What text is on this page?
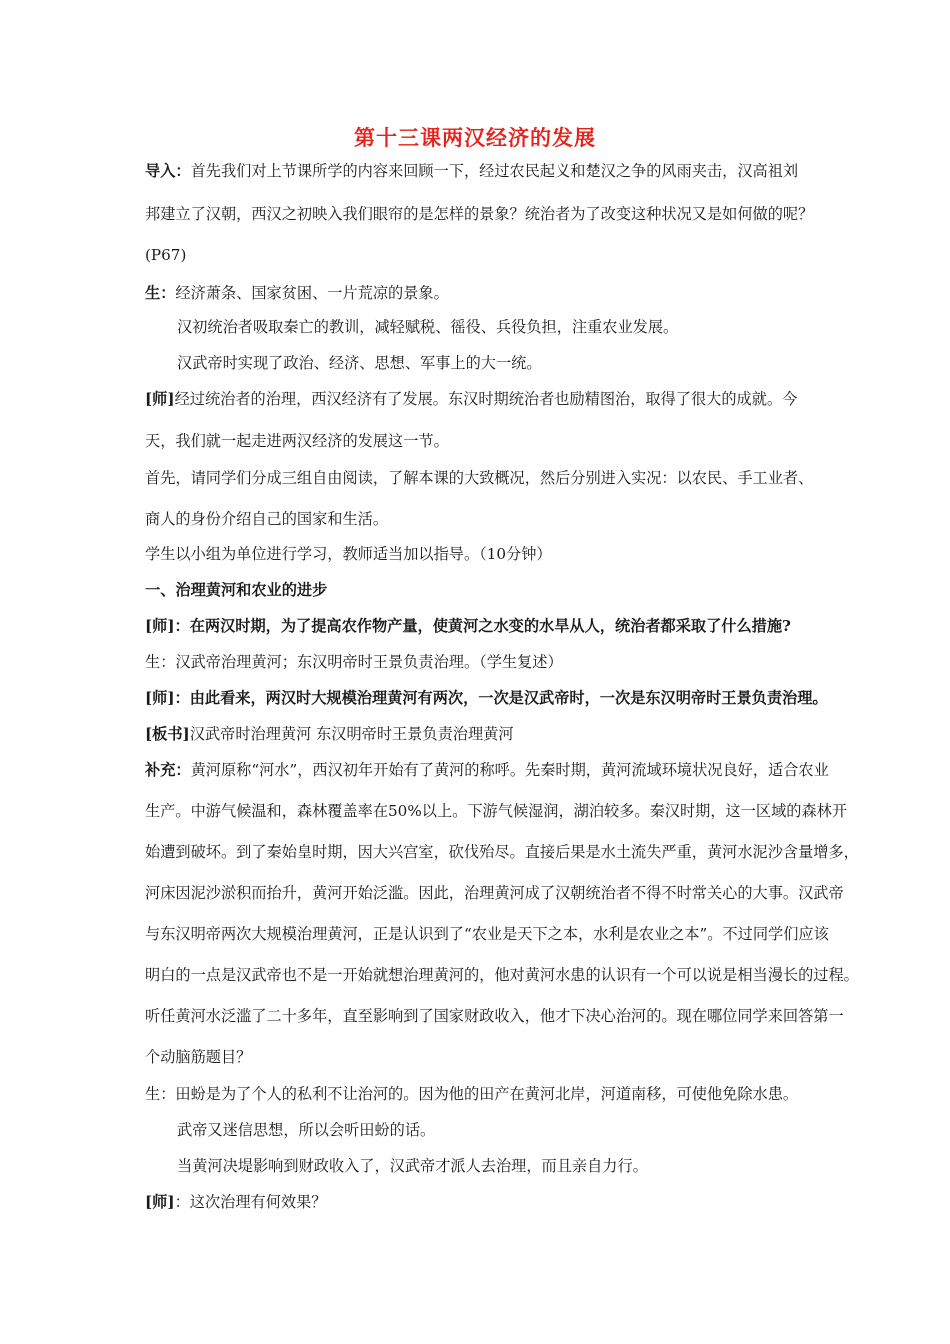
第十三课两汉经济的发展
导入：首先我们对上节课所学的内容来回顾一下，经过农民起义和楚汉之争的风雨夹击，汉高祖刘
邦建立了汉朝，西汉之初映入我们眼帘的是怎样的景象？统治者为了改变这种状况又是如何做的呢？
(P67)
生：经济萧条、国家贫困、一片荒凉的景象。
汉初统治者吸取秦亡的教训，减轻赋税、徭役、兵役负担，注重农业发展。
汉武帝时实现了政治、经济、思想、军事上的大一统。
[师]经过统治者的治理，西汉经济有了发展。东汉时期统治者也励精图治，取得了很大的成就。今
天，我们就一起走进两汉经济的发展这一节。
首先，请同学们分成三组自由阅读，了解本课的大致概况，然后分别进入实况：以农民、手工业者、
商人的身份介绍自己的国家和生活。
学生以小组为单位进行学习，教师适当加以指导。（10分钟）
一、治理黄河和农业的进步
[师]：在两汉时期，为了提高农作物产量，使黄河之水变的水旱从人，统治者都采取了什么措施?
生：汉武帝治理黄河；东汉明帝时王景负责治理。（学生复述）
[师]：由此看来，两汉时大规模治理黄河有两次，一次是汉武帝时，一次是东汉明帝时王景负责治理。
[板书]汉武帝时治理黄河 东汉明帝时王景负责治理黄河
补充：黄河原称“河水”，西汉初年开始有了黄河的称呼。先秦时期，黄河流域环境状况良好，适合农业
生产。中游气候温和，森林覆盖率在50%以上。下游气候湿润，湖泊较多。秦汉时期，这一区域的森林开
始遭到破坏。到了秦始皇时期，因大兴宫室，砍伐殆尽。直接后果是水土流失严重，黄河水泥沙含量增多，
河床因泥沙淤积而抬升，黄河开始泛滥。因此，治理黄河成了汉朝统治者不得不时常关心的大事。汉武帝
与东汉明帝两次大规模治理黄河，正是认识到了“农业是天下之本，水利是农业之本”。不过同学们应该
明白的一点是汉武帝也不是一开始就想治理黄河的，他对黄河水患的认识有一个可以说是相当漫长的过程。
听任黄河水泛滥了二十多年，直至影响到了国家财政收入，他才下决心治河的。现在哪位同学来回答第一
个动脑筋题目？
生：田蚡是为了个人的私利不让治河的。因为他的田产在黄河北岸，河道南移，可使他免除水患。
武帝又迷信思想，所以会听田蚡的话。
当黄河决堤影响到财政收入了，汉武帝才派人去治理，而且亲自力行。
[师]：这次治理有何效果？
